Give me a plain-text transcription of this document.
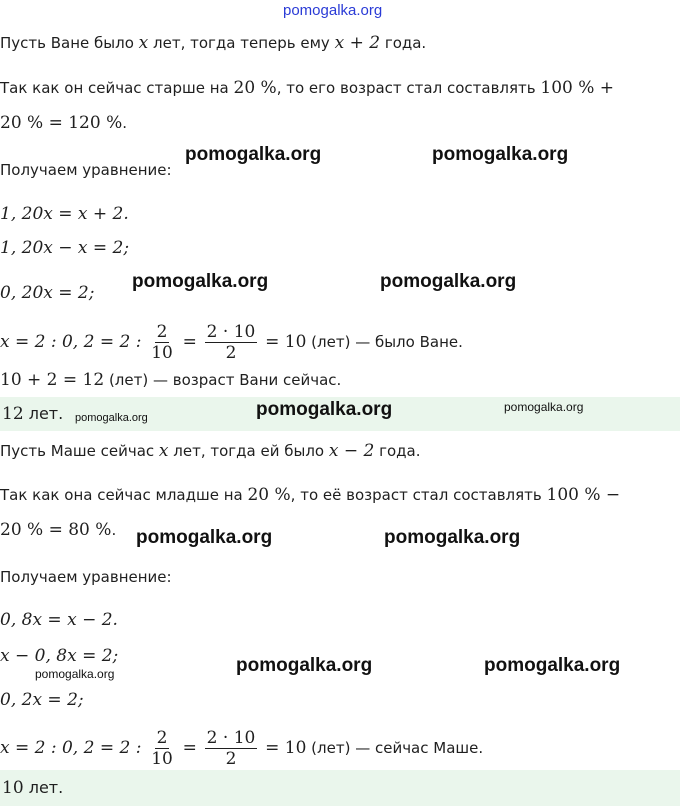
pomogalka.org
Пусть Ване было x лет, тогда теперь ему x + 2 года.
Так как он сейчас старше на 20 %, то его возраст стал составлять 100 % +
20 % = 120 %.
Получаем уравнение:
1, 20x = x + 2.
1, 20x − x = 2;
0, 20x = 2;
x = 2 : 0, 2 = 2 : $\frac{2}{10} = \frac{2 \cdot 10}{2} = 10$ (лет) — было Ване.
10 + 2 = 12 (лет) — возраст Вани сейчас.
12 лет.
Пусть Маше сейчас x лет, тогда ей было x − 2 года.
Так как она сейчас младше на 20 %, то её возраст стал составлять 100 % −
20 % = 80 %.
Получаем уравнение:
0, 8x = x − 2.
x − 0, 8x = 2;
0, 2x = 2;
x = 2 : 0, 2 = 2 : $\frac{2}{10} = \frac{2 \cdot 10}{2} = 10$ (лет) — сейчас Маше.
10 лет.
pomogalka.org	pomogalka.org
pomogalka.org	pomogalka.org
pomogalka.org	pomogalka.org	pomogalka.org
pomogalka.org	pomogalka.org
pomogalka.org	pomogalka.org	pomogalka.org
